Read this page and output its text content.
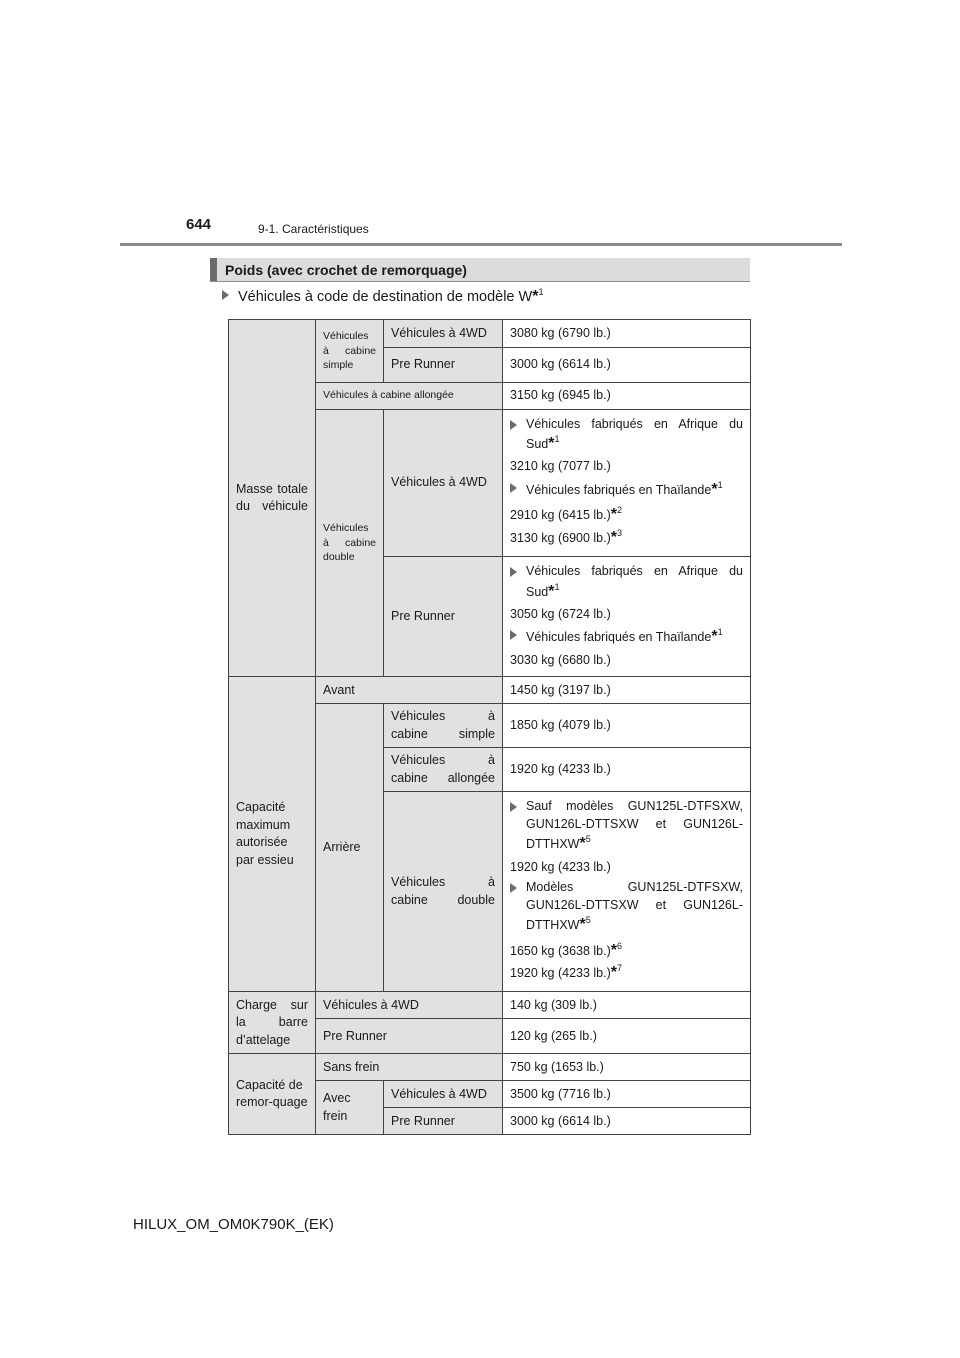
644	9-1. Caractéristiques
Poids (avec crochet de remorquage)
Véhicules à code de destination de modèle W*$^1$
Masse totale du véhicule	Véhicules à cabine simple	Véhicules à 4WD	3080 kg (6790 lb.)
		Pre Runner	3000 kg (6614 lb.)
	Véhicules à cabine allongée		3150 kg (6945 lb.)
	Véhicules à cabine double	Véhicules à 4WD	Véhicules fabriqués en Afrique du Sud*$^1$
3210 kg (7077 lb.)
Véhicules fabriqués en Thaïlande*$^1$
2910 kg (6415 lb.)*$^2$
3130 kg (6900 lb.)*$^3$

		Pre Runner	Véhicules fabriqués en Afrique du Sud*$^1$
3050 kg (6724 lb.)
Véhicules fabriqués en Thaïlande*$^1$
3030 kg (6680 lb.)

Capacité maximum autorisée par essieu	Avant		1450 kg (3197 lb.)
	Arrière	Véhicules à cabine simple	1850 kg (4079 lb.)
		Véhicules à cabine allongée	1920 kg (4233 lb.)
		Véhicules à cabine double	Sauf modèles GUN125L-DTFSXW, GUN126L-DTTSXW et GUN126L-DTTHXW*$^5$
1920 kg (4233 lb.)
Modèles GUN125L-DTFSXW, GUN126L-DTTSXW et GUN126L-DTTHXW*$^5$
1650 kg (3638 lb.)*$^6$
1920 kg (4233 lb.)*$^7$

Charge sur la barre d’attelage	Véhicules à 4WD		140 kg (309 lb.)
	Pre Runner		120 kg (265 lb.)
Capacité de remor-quage	Sans frein		750 kg (1653 lb.)
	Avec frein	Véhicules à 4WD	3500 kg (7716 lb.)
		Pre Runner	3000 kg (6614 lb.)
HILUX_OM_OM0K790K_(EK)
